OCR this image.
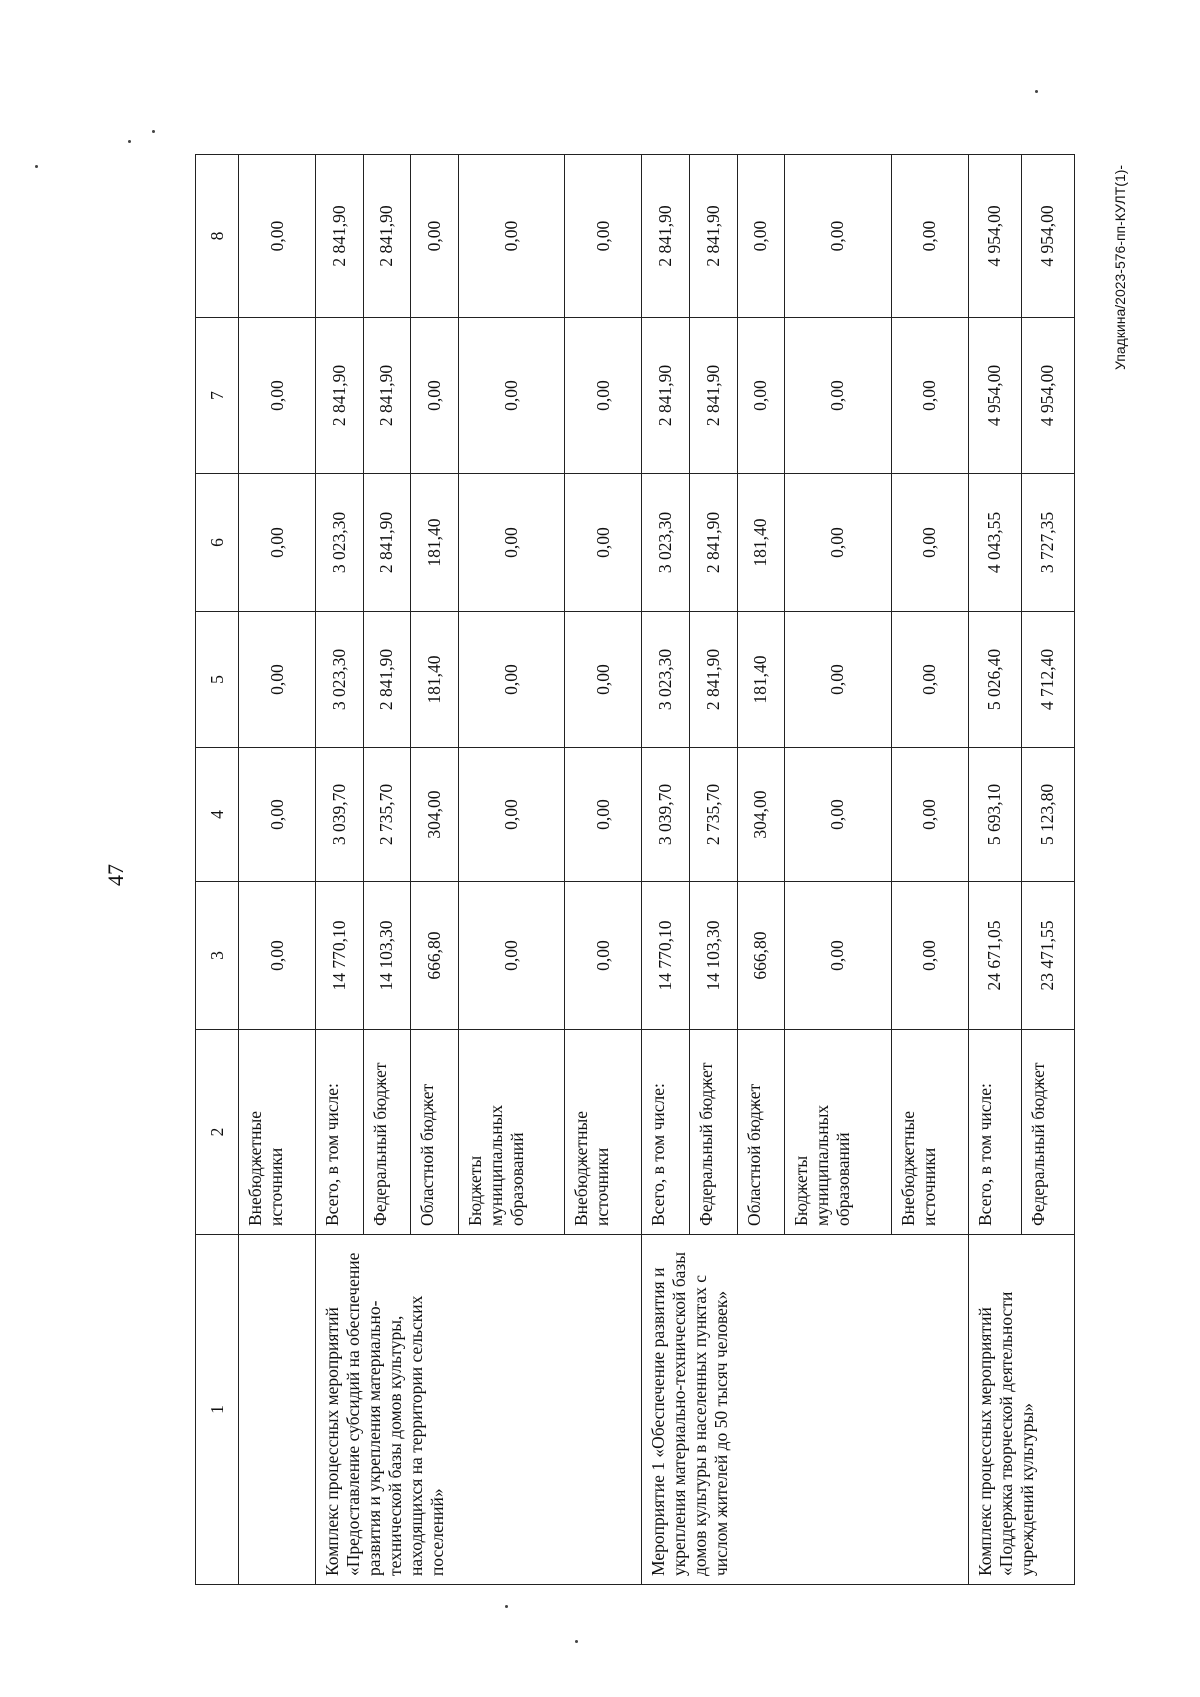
47
Упадкина/2023-576-пп-КУЛТ(1)-
1	2	3	4	5	6	7	8
	Внебюджетные источники	0,00	0,00	0,00	0,00	0,00	0,00
Комплекс процессных мероприятий «Предоставление субсидий на обеспечение развития и укрепления материально-технической базы домов культуры, находящихся на территории сельских поселений»	Всего, в том числе:	14 770,10	3 039,70	3 023,30	3 023,30	2 841,90	2 841,90
	Федеральный бюджет	14 103,30	2 735,70	2 841,90	2 841,90	2 841,90	2 841,90
	Областной бюджет	666,80	304,00	181,40	181,40	0,00	0,00
	Бюджеты муниципальных образований	0,00	0,00	0,00	0,00	0,00	0,00
	Внебюджетные источники	0,00	0,00	0,00	0,00	0,00	0,00
Мероприятие 1 «Обеспечение развития и укрепления материально-технической базы домов культуры в населенных пунктах с числом жителей до 50 тысяч человек»	Всего, в том числе:	14 770,10	3 039,70	3 023,30	3 023,30	2 841,90	2 841,90
	Федеральный бюджет	14 103,30	2 735,70	2 841,90	2 841,90	2 841,90	2 841,90
	Областной бюджет	666,80	304,00	181,40	181,40	0,00	0,00
	Бюджеты муниципальных образований	0,00	0,00	0,00	0,00	0,00	0,00
	Внебюджетные источники	0,00	0,00	0,00	0,00	0,00	0,00
Комплекс процессных мероприятий «Поддержка творческой деятельности учреждений культуры»	Всего, в том числе:	24 671,05	5 693,10	5 026,40	4 043,55	4 954,00	4 954,00
	Федеральный бюджет	23 471,55	5 123,80	4 712,40	3 727,35	4 954,00	4 954,00
